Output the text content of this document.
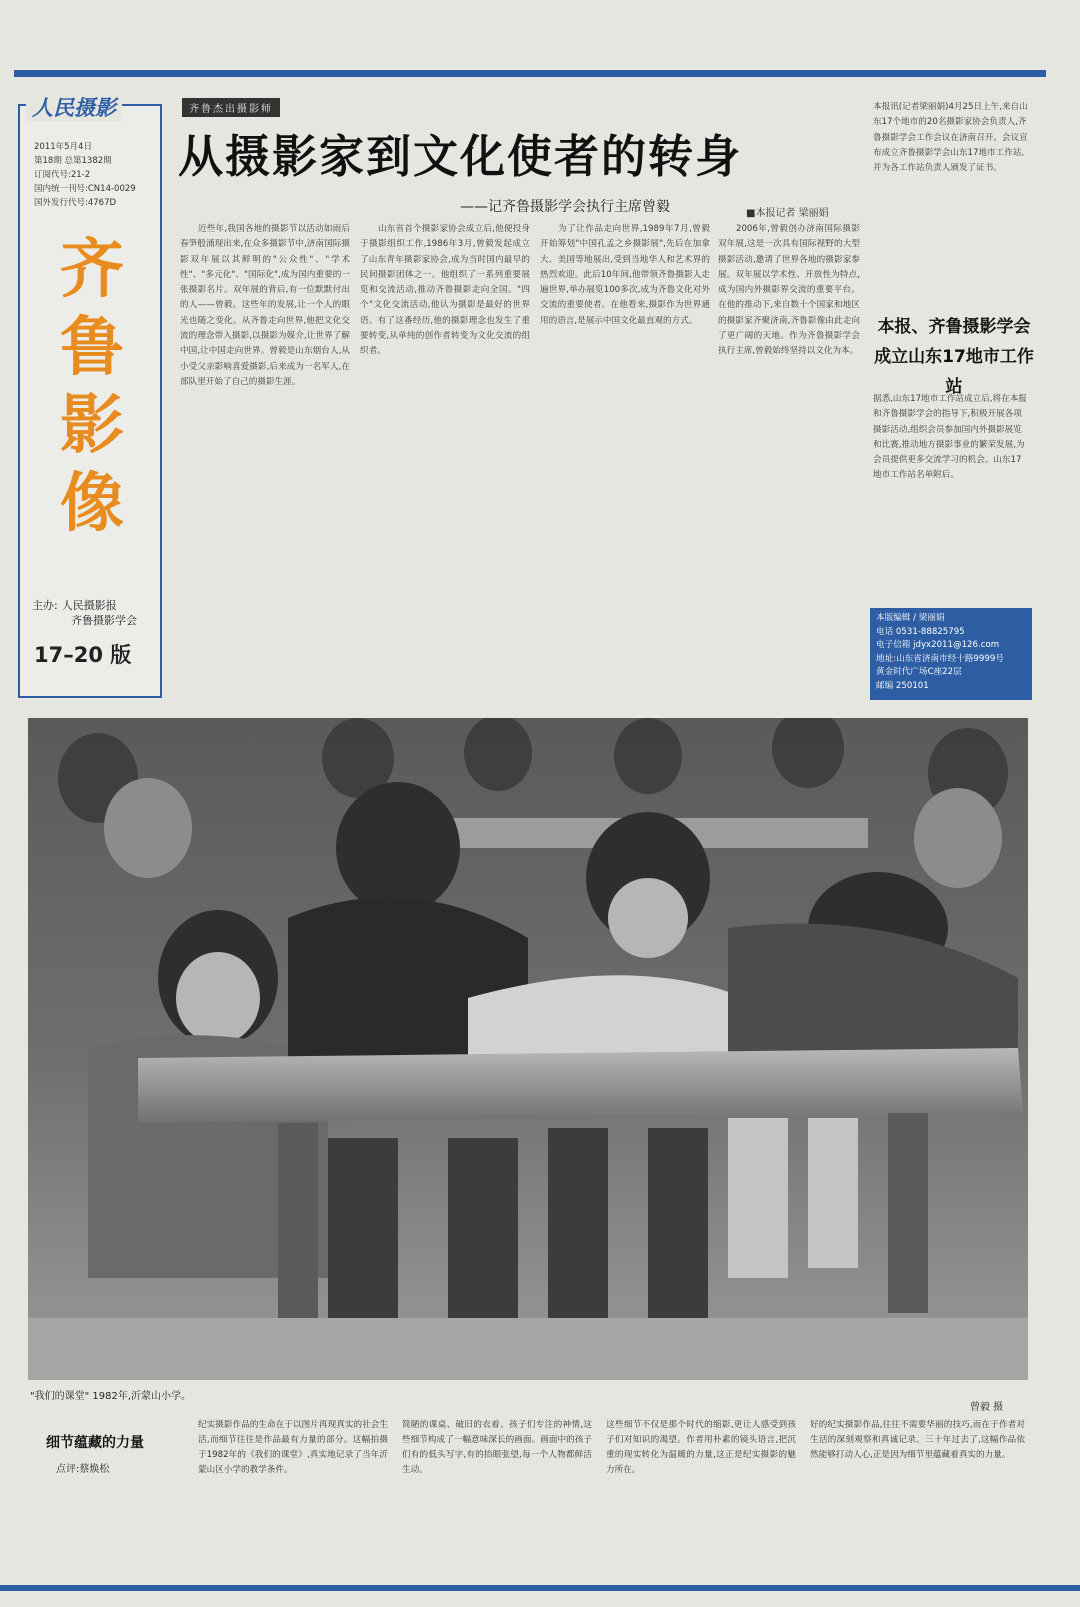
人民摄影
2011年5月4日
第18期 总第1382期
订阅代号:21-2
国内统一刊号:CN14-0029
国外发行代号:4767D
齐
鲁
影
像
主办: 人民摄影报
齐鲁摄影学会
17–20 版
齐鲁杰出摄影师
从摄影家到文化使者的转身
——记齐鲁摄影学会执行主席曾毅	■本报记者 梁丽娟

近些年,我国各地的摄影节以活动如雨后春笋般涌现出来,在众多摄影节中,济南国际摄影双年展以其鲜明的"公众性"、"学术性"、"多元化"、"国际化",成为国内重要的一张摄影名片。双年展的背后,有一位默默付出的人——曾毅。这些年的发展,让一个人的眼光也随之变化。从齐鲁走向世界,他把文化交流的理念带入摄影,以摄影为媒介,让世界了解中国,让中国走向世界。曾毅是山东烟台人,从小受父亲影响喜爱摄影,后来成为一名军人,在部队里开始了自己的摄影生涯。

山东省首个摄影家协会成立后,他便投身于摄影组织工作,1986年3月,曾毅发起成立了山东青年摄影家协会,成为当时国内最早的民间摄影团体之一。他组织了一系列重要展览和交流活动,推动齐鲁摄影走向全国。"四个"文化交流活动,他认为摄影是最好的世界语。有了这番经历,他的摄影理念也发生了重要转变,从单纯的创作者转变为文化交流的组织者。

为了让作品走向世界,1989年7月,曾毅开始筹划"中国孔孟之乡摄影展",先后在加拿大、美国等地展出,受到当地华人和艺术界的热烈欢迎。此后10年间,他带领齐鲁摄影人走遍世界,举办展览100多次,成为齐鲁文化对外交流的重要使者。在他看来,摄影作为世界通用的语言,是展示中国文化最直观的方式。

2006年,曾毅创办济南国际摄影双年展,这是一次具有国际视野的大型摄影活动,邀请了世界各地的摄影家参展。双年展以学术性、开放性为特点,成为国内外摄影界交流的重要平台。在他的推动下,来自数十个国家和地区的摄影家齐聚济南,齐鲁影像由此走向了更广阔的天地。作为齐鲁摄影学会执行主席,曾毅始终坚持以文化为本。

本报讯(记者梁丽娟)4月25日上午,来自山东17个地市的20名摄影家协会负责人,齐鲁摄影学会工作会议在济南召开。会议宣布成立齐鲁摄影学会山东17地市工作站,并为各工作站负责人颁发了证书。
本报、齐鲁摄影学会
成立山东17地市工作站
据悉,山东17地市工作站成立后,将在本报和齐鲁摄影学会的指导下,积极开展各项摄影活动,组织会员参加国内外摄影展览和比赛,推动地方摄影事业的繁荣发展,为会员提供更多交流学习的机会。山东17地市工作站名单附后。
本版编辑 / 梁丽娟
电话 0531-88825795
电子信箱 jdyx2011@126.com
地址:山东省济南市经十路9999号
黄金时代广场C座22层
邮编 250101
"我们的课堂" 1982年,沂蒙山小学。
曾毅 摄
细节蕴藏的力量
点评:蔡焕松
纪实摄影作品的生命在于以图片再现真实的社会生活,而细节往往是作品最有力量的部分。这幅拍摄于1982年的《我们的课堂》,真实地记录了当年沂蒙山区小学的教学条件。
简陋的课桌、破旧的衣着、孩子们专注的神情,这些细节构成了一幅意味深长的画面。画面中的孩子们有的低头写字,有的抬眼张望,每一个人物都鲜活生动。
这些细节不仅是那个时代的缩影,更让人感受到孩子们对知识的渴望。作者用朴素的镜头语言,把沉重的现实转化为温暖的力量,这正是纪实摄影的魅力所在。
好的纪实摄影作品,往往不需要华丽的技巧,而在于作者对生活的深刻观察和真诚记录。三十年过去了,这幅作品依然能够打动人心,正是因为细节里蕴藏着真实的力量。
